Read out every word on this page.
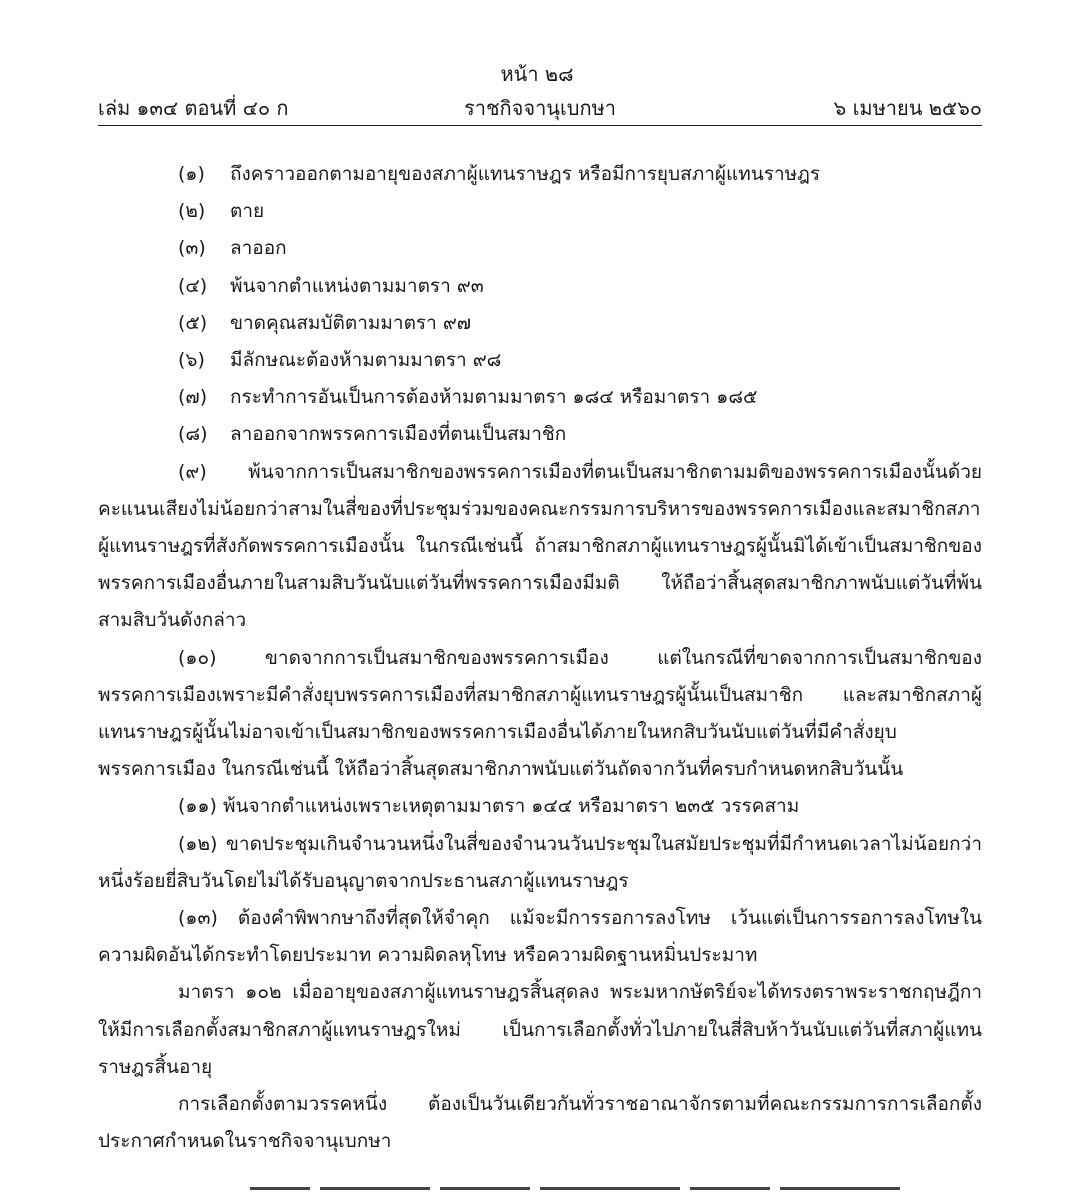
หน้า ๒๘
เล่ม ๑๓๔ ตอนที่ ๔๐ ก	ราชกิจจานุเบกษา	๖ เมษายน ๒๕๖๐

(๑) ถึงคราวออกตามอายุของสภาผู้แทนราษฎร หรือมีการยุบสภาผู้แทนราษฎร

(๒) ตาย

(๓) ลาออก

(๔) พ้นจากตำแหน่งตามมาตรา ๙๓

(๕) ขาดคุณสมบัติตามมาตรา ๙๗

(๖) มีลักษณะต้องห้ามตามมาตรา ๙๘

(๗) กระทำการอันเป็นการต้องห้ามตามมาตรา ๑๘๔ หรือมาตรา ๑๘๕

(๘) ลาออกจากพรรคการเมืองที่ตนเป็นสมาชิก

(๙) พ้นจากการเป็นสมาชิกของพรรคการเมืองที่ตนเป็นสมาชิกตามมติของพรรคการเมืองนั้นด้วยคะแนนเสียงไม่น้อยกว่าสามในสี่ของที่ประชุมร่วมของคณะกรรมการบริหารของพรรคการเมืองและสมาชิกสภาผู้แทนราษฎรที่สังกัดพรรคการเมืองนั้น ในกรณีเช่นนี้ ถ้าสมาชิกสภาผู้แทนราษฎรผู้นั้นมิได้เข้าเป็นสมาชิกของพรรคการเมืองอื่นภายในสามสิบวันนับแต่วันที่พรรคการเมืองมีมติ ให้ถือว่าสิ้นสุดสมาชิกภาพนับแต่วันที่พ้นสามสิบวันดังกล่าว

(๑๐) ขาดจากการเป็นสมาชิกของพรรคการเมือง แต่ในกรณีที่ขาดจากการเป็นสมาชิกของพรรคการเมืองเพราะมีคำสั่งยุบพรรคการเมืองที่สมาชิกสภาผู้แทนราษฎรผู้นั้นเป็นสมาชิก และสมาชิกสภาผู้แทนราษฎรผู้นั้นไม่อาจเข้าเป็นสมาชิกของพรรคการเมืองอื่นได้ภายในหกสิบวันนับแต่วันที่มีคำสั่งยุบพรรคการเมือง ในกรณีเช่นนี้ ให้ถือว่าสิ้นสุดสมาชิกภาพนับแต่วันถัดจากวันที่ครบกำหนดหกสิบวันนั้น

(๑๑) พ้นจากตำแหน่งเพราะเหตุตามมาตรา ๑๔๔ หรือมาตรา ๒๓๕ วรรคสาม

(๑๒) ขาดประชุมเกินจำนวนหนึ่งในสี่ของจำนวนวันประชุมในสมัยประชุมที่มีกำหนดเวลาไม่น้อยกว่าหนึ่งร้อยยี่สิบวันโดยไม่ได้รับอนุญาตจากประธานสภาผู้แทนราษฎร

(๑๓) ต้องคำพิพากษาถึงที่สุดให้จำคุก แม้จะมีการรอการลงโทษ เว้นแต่เป็นการรอการลงโทษในความผิดอันได้กระทำโดยประมาท ความผิดลหุโทษ หรือความผิดฐานหมิ่นประมาท

มาตรา ๑๐๒ เมื่ออายุของสภาผู้แทนราษฎรสิ้นสุดลง พระมหากษัตริย์จะได้ทรงตราพระราชกฤษฎีกาให้มีการเลือกตั้งสมาชิกสภาผู้แทนราษฎรใหม่ เป็นการเลือกตั้งทั่วไปภายในสี่สิบห้าวันนับแต่วันที่สภาผู้แทนราษฎรสิ้นอายุ

การเลือกตั้งตามวรรคหนึ่ง ต้องเป็นวันเดียวกันทั่วราชอาณาจักรตามที่คณะกรรมการการเลือกตั้งประกาศกำหนดในราชกิจจานุเบกษา
